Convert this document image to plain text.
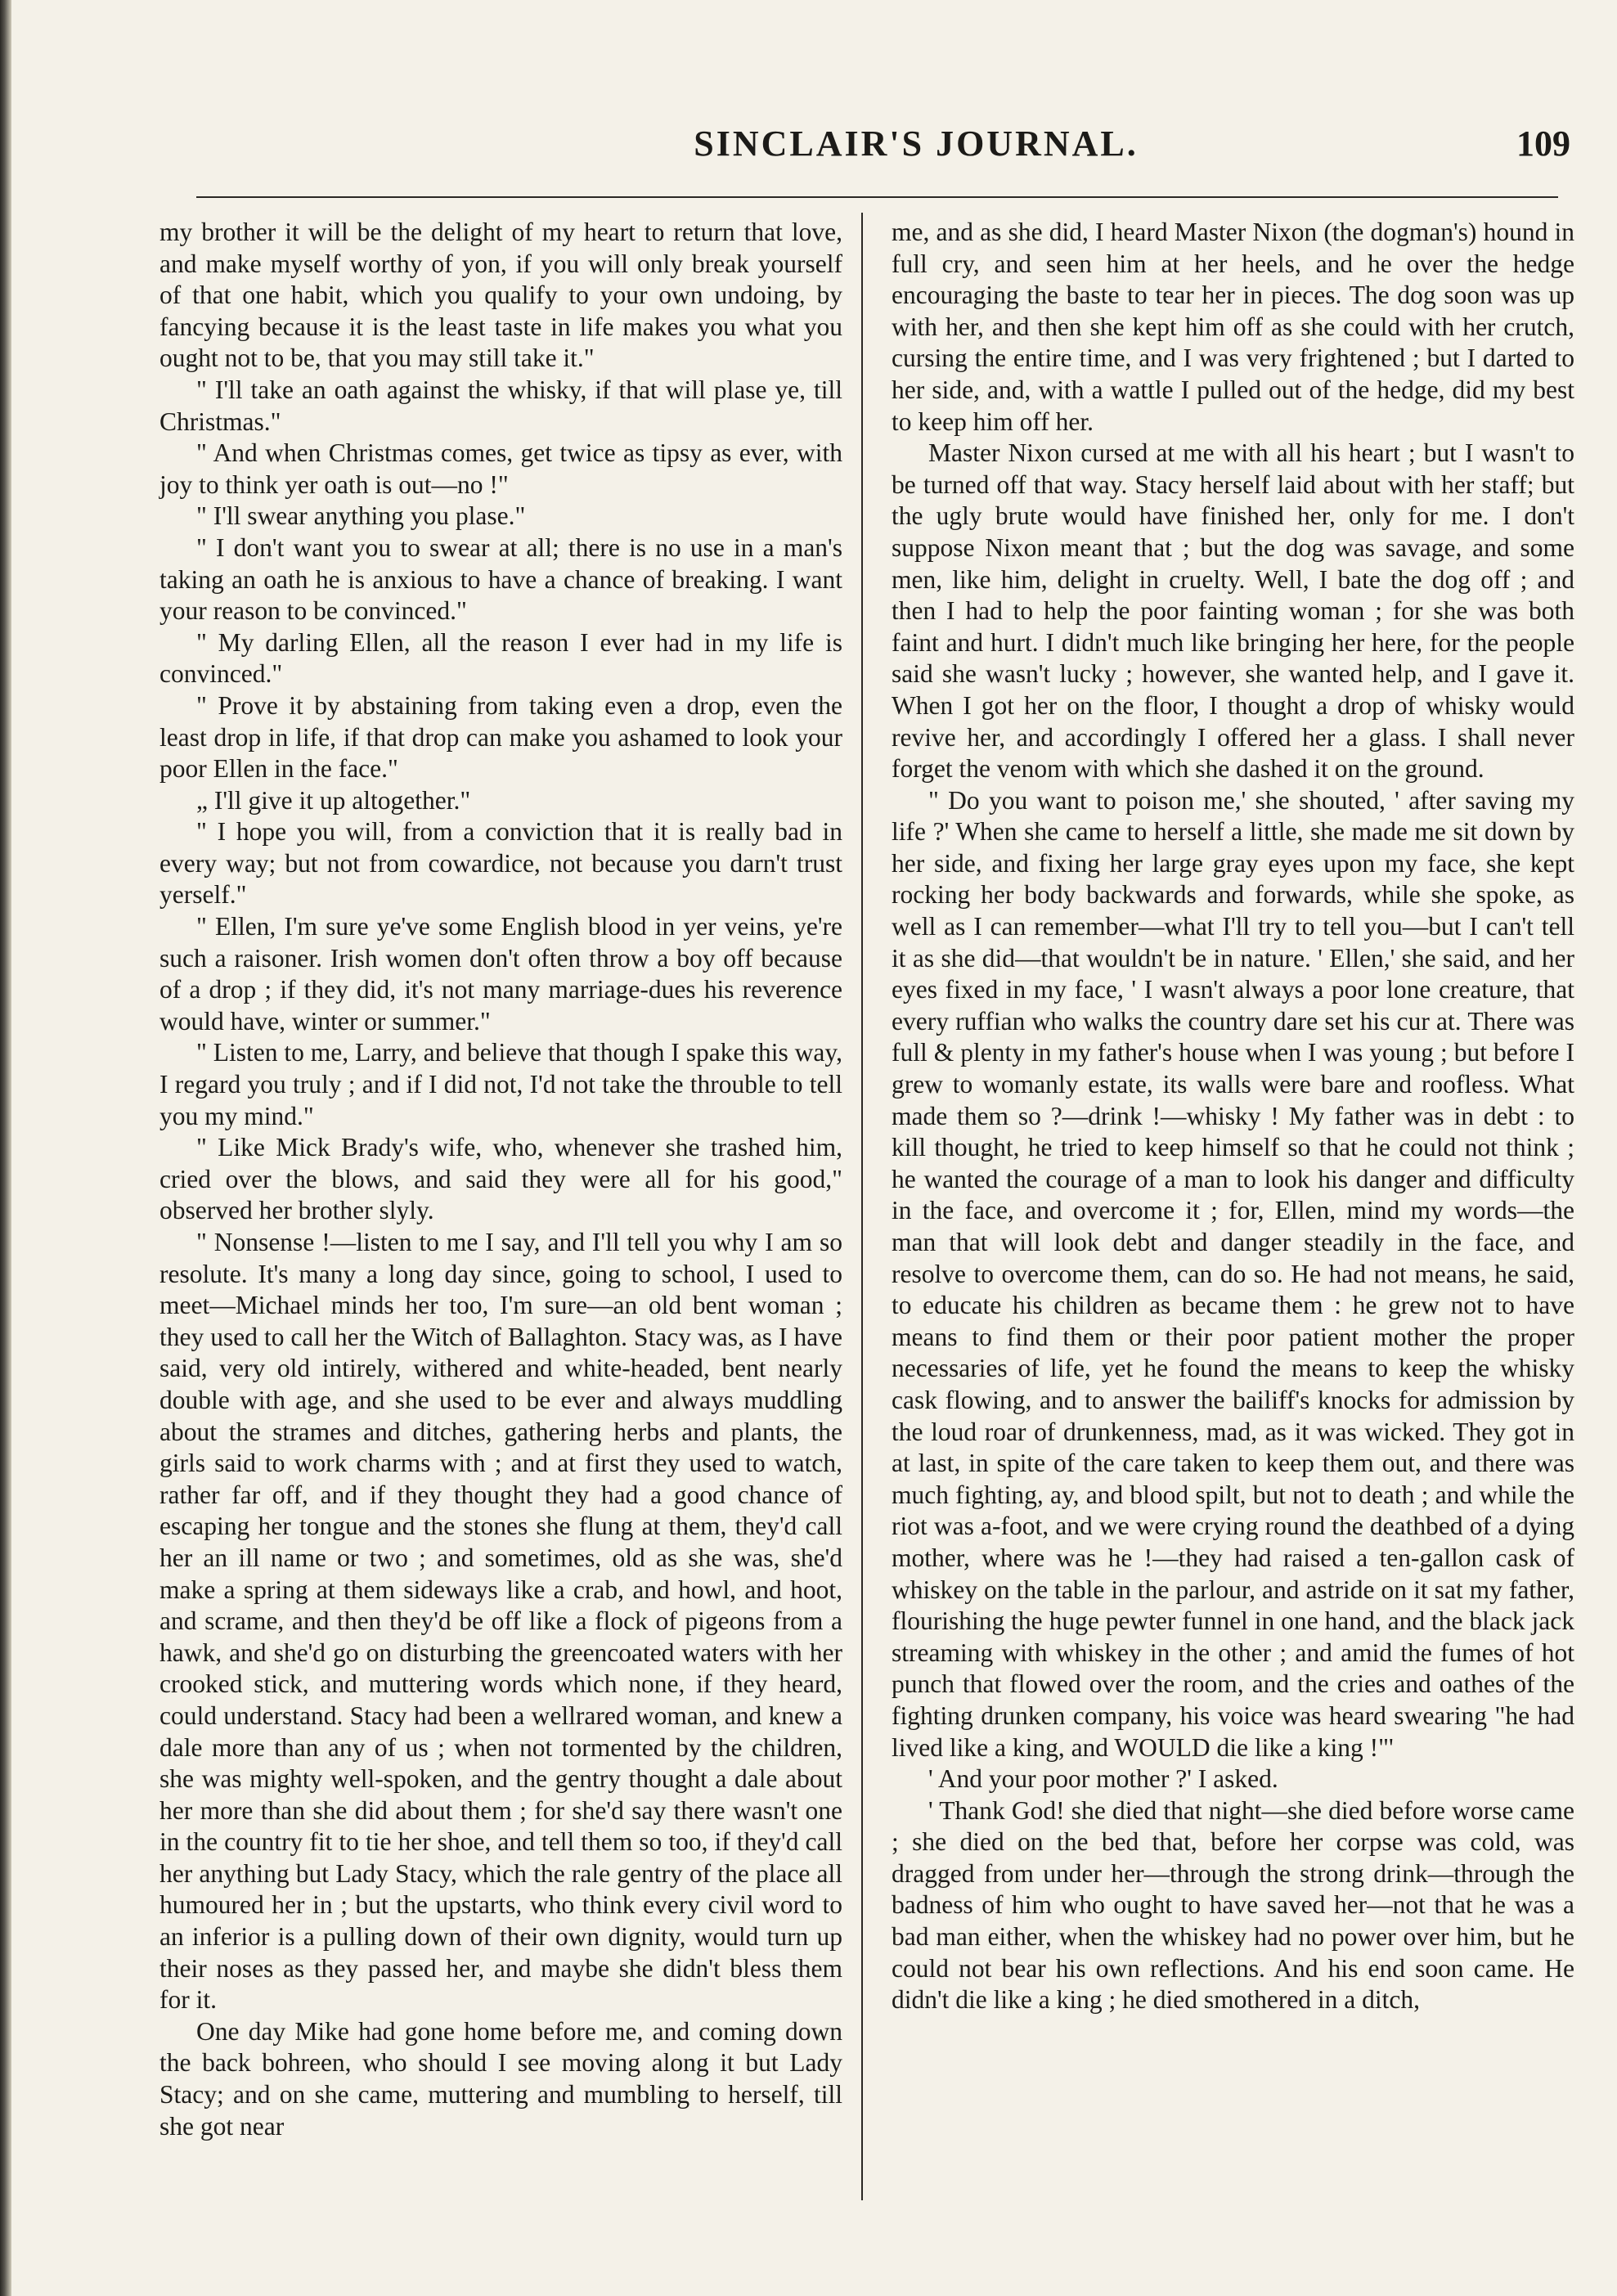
SINCLAIR'S JOURNAL.	109

my brother it will be the delight of my heart to return that love, and make myself worthy of yon, if you will only break yourself of that one habit, which you qualify to your own undoing, by fancying because it is the least taste in life makes you what you ought not to be, that you may still take it."

" I'll take an oath against the whisky, if that will plase ye, till Christmas."

" And when Christmas comes, get twice as tipsy as ever, with joy to think yer oath is out—no !"

" I'll swear anything you plase."

" I don't want you to swear at all; there is no use in a man's taking an oath he is anxious to have a chance of breaking. I want your reason to be convinced."

" My darling Ellen, all the reason I ever had in my life is convinced."

" Prove it by abstaining from taking even a drop, even the least drop in life, if that drop can make you ashamed to look your poor Ellen in the face."

„ I'll give it up altogether."

" I hope you will, from a conviction that it is really bad in every way; but not from cowardice, not because you darn't trust yerself."

" Ellen, I'm sure ye've some English blood in yer veins, ye're such a raisoner. Irish women don't often throw a boy off because of a drop ; if they did, it's not many marriage-dues his reverence would have, winter or summer."

" Listen to me, Larry, and believe that though I spake this way, I regard you truly ; and if I did not, I'd not take the throuble to tell you my mind."

" Like Mick Brady's wife, who, whenever she trashed him, cried over the blows, and said they were all for his good," observed her brother slyly.

" Nonsense !—listen to me I say, and I'll tell you why I am so resolute. It's many a long day since, going to school, I used to meet—Michael minds her too, I'm sure—an old bent woman ; they used to call her the Witch of Ballaghton. Stacy was, as I have said, very old intirely, withered and white-headed, bent nearly double with age, and she used to be ever and always muddling about the strames and ditches, gathering herbs and plants, the girls said to work charms with ; and at first they used to watch, rather far off, and if they thought they had a good chance of escaping her tongue and the stones she flung at them, they'd call her an ill name or two ; and sometimes, old as she was, she'd make a spring at them sideways like a crab, and howl, and hoot, and scrame, and then they'd be off like a flock of pigeons from a hawk, and she'd go on disturbing the greencoated waters with her crooked stick, and muttering words which none, if they heard, could understand. Stacy had been a wellrared woman, and knew a dale more than any of us ; when not tormented by the children, she was mighty well-spoken, and the gentry thought a dale about her more than she did about them ; for she'd say there wasn't one in the country fit to tie her shoe, and tell them so too, if they'd call her anything but Lady Stacy, which the rale gentry of the place all humoured her in ; but the upstarts, who think every civil word to an inferior is a pulling down of their own dignity, would turn up their noses as they passed her, and maybe she didn't bless them for it.

One day Mike had gone home before me, and coming down the back bohreen, who should I see moving along it but Lady Stacy; and on she came, muttering and mumbling to herself, till she got near

me, and as she did, I heard Master Nixon (the dogman's) hound in full cry, and seen him at her heels, and he over the hedge encouraging the baste to tear her in pieces. The dog soon was up with her, and then she kept him off as she could with her crutch, cursing the entire time, and I was very frightened ; but I darted to her side, and, with a wattle I pulled out of the hedge, did my best to keep him off her.

Master Nixon cursed at me with all his heart ; but I wasn't to be turned off that way. Stacy herself laid about with her staff; but the ugly brute would have finished her, only for me. I don't suppose Nixon meant that ; but the dog was savage, and some men, like him, delight in cruelty. Well, I bate the dog off ; and then I had to help the poor fainting woman ; for she was both faint and hurt. I didn't much like bringing her here, for the people said she wasn't lucky ; however, she wanted help, and I gave it. When I got her on the floor, I thought a drop of whisky would revive her, and accordingly I offered her a glass. I shall never forget the venom with which she dashed it on the ground.

" Do you want to poison me,' she shouted, ' after saving my life ?' When she came to herself a little, she made me sit down by her side, and fixing her large gray eyes upon my face, she kept rocking her body backwards and forwards, while she spoke, as well as I can remember—what I'll try to tell you—but I can't tell it as she did—that wouldn't be in nature. ' Ellen,' she said, and her eyes fixed in my face, ' I wasn't always a poor lone creature, that every ruffian who walks the country dare set his cur at. There was full & plenty in my father's house when I was young ; but before I grew to womanly estate, its walls were bare and roofless. What made them so ?—drink !—whisky ! My father was in debt : to kill thought, he tried to keep himself so that he could not think ; he wanted the courage of a man to look his danger and difficulty in the face, and overcome it ; for, Ellen, mind my words—the man that will look debt and danger steadily in the face, and resolve to overcome them, can do so. He had not means, he said, to educate his children as became them : he grew not to have means to find them or their poor patient mother the proper necessaries of life, yet he found the means to keep the whisky cask flowing, and to answer the bailiff's knocks for admission by the loud roar of drunkenness, mad, as it was wicked. They got in at last, in spite of the care taken to keep them out, and there was much fighting, ay, and blood spilt, but not to death ; and while the riot was a-foot, and we were crying round the deathbed of a dying mother, where was he !—they had raised a ten-gallon cask of whiskey on the table in the parlour, and astride on it sat my father, flourishing the huge pewter funnel in one hand, and the black jack streaming with whiskey in the other ; and amid the fumes of hot punch that flowed over the room, and the cries and oathes of the fighting drunken company, his voice was heard swearing "he had lived like a king, and WOULD die like a king !"'

' And your poor mother ?' I asked.

' Thank God! she died that night—she died before worse came ; she died on the bed that, before her corpse was cold, was dragged from under her—through the strong drink—through the badness of him who ought to have saved her—not that he was a bad man either, when the whiskey had no power over him, but he could not bear his own reflections. And his end soon came. He didn't die like a king ; he died smothered in a ditch,
